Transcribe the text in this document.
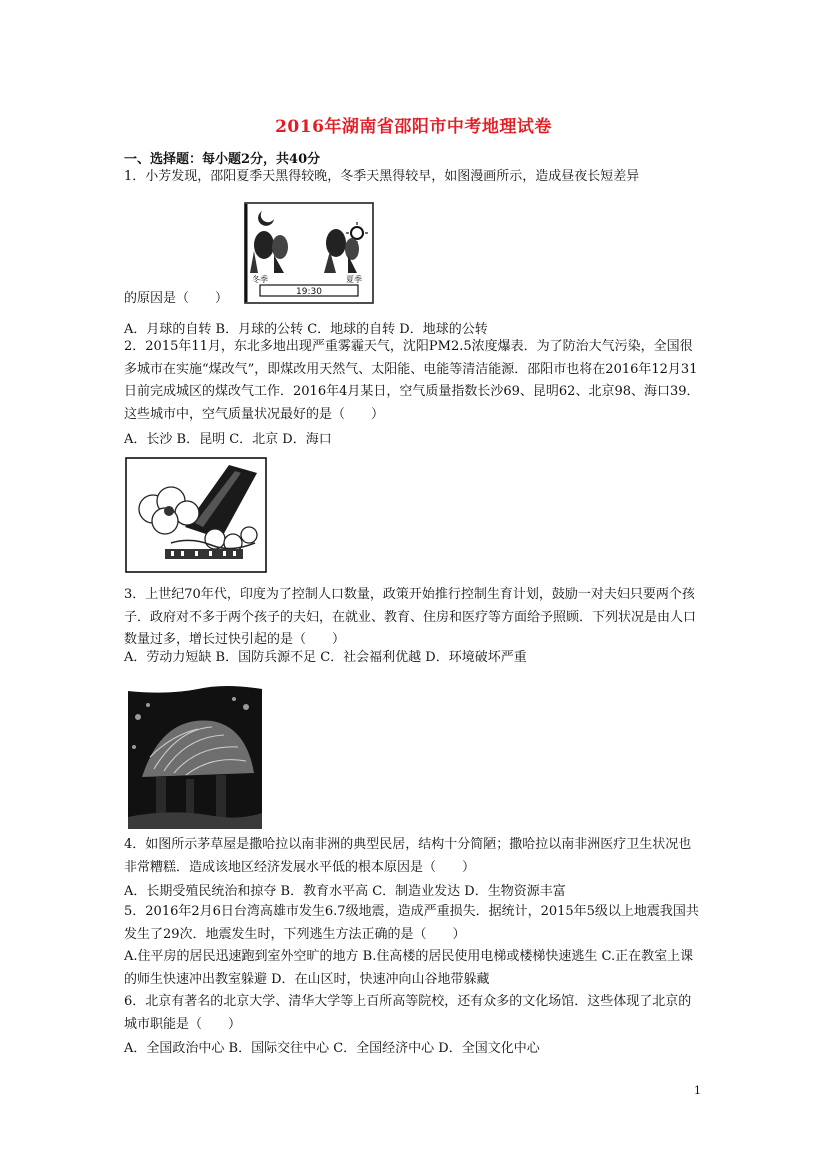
2016年湖南省邵阳市中考地理试卷
一、选择题：每小题2分，共40分
1．小芳发现，邵阳夏季天黑得较晚，冬季天黑得较早，如图漫画所示，造成昼夜长短差异
冬季	夏季
19:30
的原因是（　　）
A．月球的自转 B．月球的公转 C．地球的自转 D．地球的公转
2．2015年11月，东北多地出现严重雾霾天气，沈阳PM2.5浓度爆表．为了防治大气污染，全国很多城市在实施“煤改气”，即煤改用天然气、太阳能、电能等清洁能源．邵阳市也将在2016年12月31日前完成城区的煤改气工作．2016年4月某日，空气质量指数长沙69、昆明62、北京98、海口39．这些城市中，空气质量状况最好的是（　　）
A．长沙 B．昆明 C．北京 D．海口
3．上世纪70年代，印度为了控制人口数量，政策开始推行控制生育计划，鼓励一对夫妇只要两个孩子．政府对不多于两个孩子的夫妇，在就业、教育、住房和医疗等方面给予照顾．下列状况是由人口数量过多，增长过快引起的是（　　）
A．劳动力短缺 B．国防兵源不足 C．社会福利优越 D．环境破坏严重
4．如图所示茅草屋是撒哈拉以南非洲的典型民居，结构十分简陋；撒哈拉以南非洲医疗卫生状况也非常糟糕．造成该地区经济发展水平低的根本原因是（　　）
A．长期受殖民统治和掠夺 B．教育水平高 C．制造业发达 D．生物资源丰富
5．2016年2月6日台湾高雄市发生6.7级地震，造成严重损失．据统计，2015年5级以上地震我国共发生了29次．地震发生时，下列逃生方法正确的是（　　）
A.住平房的居民迅速跑到室外空旷的地方 B.住高楼的居民使用电梯或楼梯快速逃生 C.正在教室上课的师生快速冲出教室躲避 D．在山区时，快速冲向山谷地带躲藏
6．北京有著名的北京大学、清华大学等上百所高等院校，还有众多的文化场馆．这些体现了北京的城市职能是（　　）
A．全国政治中心 B．国际交往中心 C．全国经济中心 D．全国文化中心
1
